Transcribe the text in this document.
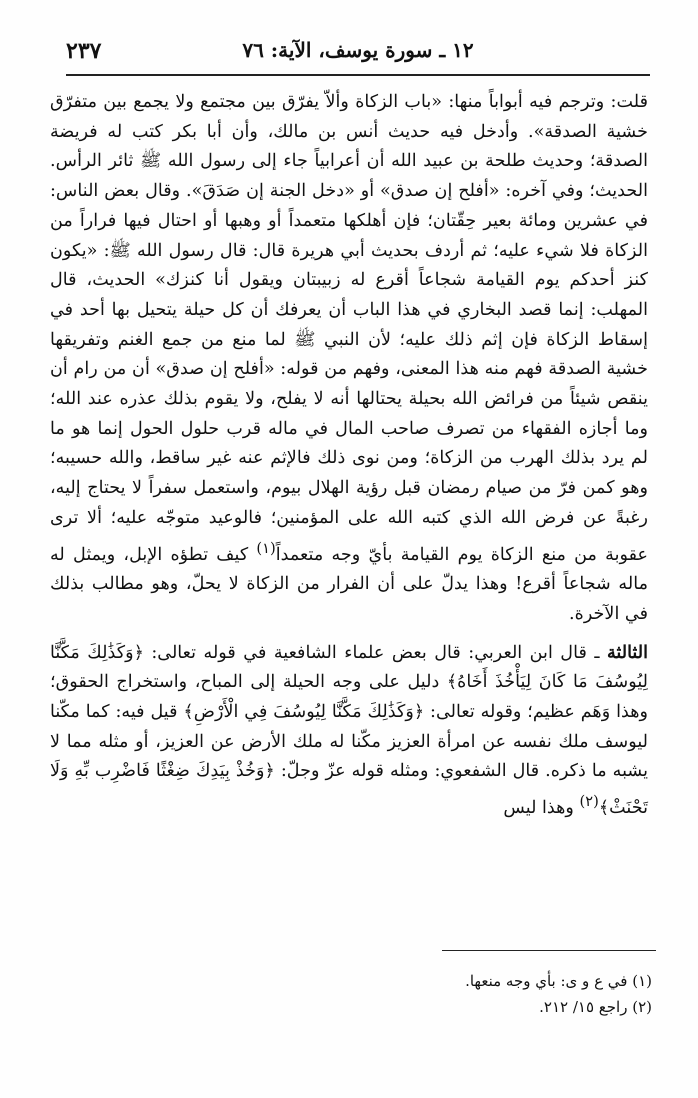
١٢ ـ سورة يوسف، الآية: ٧٦
٢٣٧

قلت: وترجم فيه أبواباً منها: «باب الزكاة وألاّ يفرّق بين مجتمع ولا يجمع بين متفرّق خشية الصدقة». وأدخل فيه حديث أنس بن مالك، وأن أبا بكر كتب له فريضة الصدقة؛ وحديث طلحة بن عبيد الله أن أعرابياً جاء إلى رسول الله ﷺ ثائر الرأس. الحديث؛ وفي آخره: «أفلح إن صدق» أو «دخل الجنة إن صَدَقَ». وقال بعض الناس: في عشرين ومائة بعير حِقّتان؛ فإن أهلكها متعمداً أو وهبها أو احتال فيها فراراً من الزكاة فلا شيء عليه؛ ثم أردف بحديث أبي هريرة قال: قال رسول الله ﷺ: «يكون كنز أحدكم يوم القيامة شجاعاً أقرع له زبيبتان ويقول أنا كنزك» الحديث، قال المهلب: إنما قصد البخاري في هذا الباب أن يعرفك أن كل حيلة يتحيل بها أحد في إسقاط الزكاة فإن إثم ذلك عليه؛ لأن النبي ﷺ لما منع من جمع الغنم وتفريقها خشية الصدقة فهم منه هذا المعنى، وفهم من قوله: «أفلح إن صدق» أن من رام أن ينقص شيئاً من فرائض الله بحيلة يحتالها أنه لا يفلح، ولا يقوم بذلك عذره عند الله؛ وما أجازه الفقهاء من تصرف صاحب المال في ماله قرب حلول الحول إنما هو ما لم يرد بذلك الهرب من الزكاة؛ ومن نوى ذلك فالإثم عنه غير ساقط، والله حسيبه؛ وهو كمن فرّ من صيام رمضان قبل رؤية الهلال بيوم، واستعمل سفراً لا يحتاج إليه، رغبةً عن فرض الله الذي كتبه الله على المؤمنين؛ فالوعيد متوجّه عليه؛ ألا ترى عقوبة من منع الزكاة يوم القيامة بأيّ وجه متعمداً$^{(١)}$ كيف تطؤه الإبل، ويمثل له ماله شجاعاً أقرع! وهذا يدلّ على أن الفرار من الزكاة لا يحلّ، وهو مطالب بذلك في الآخرة.

الثالثة ـ قال ابن العربي: قال بعض علماء الشافعية في قوله تعالى: ﴿وَكَذَٰلِكَ مَكَّنَّا لِيُوسُفَ مَا كَانَ لِيَأْخُذَ أَخَاهُ﴾ دليل على وجه الحيلة إلى المباح، واستخراج الحقوق؛ وهذا وَهَم عظيم؛ وقوله تعالى: ﴿وَكَذَٰلِكَ مَكَّنَّا لِيُوسُفَ فِي الْأَرْضِ﴾ قيل فيه: كما مكّنا ليوسف ملك نفسه عن امرأة العزيز مكّنا له ملك الأرض عن العزيز، أو مثله مما لا يشبه ما ذكره. قال الشفعوي: ومثله قوله عزّ وجلّ: ﴿وَخُذْ بِيَدِكَ ضِغْثًا فَاضْرِب بِّهِ وَلَا تَحْنَثْ﴾$^{(٢)}$ وهذا ليس

(١) في ع و ى: بأي وجه منعها.
(٢) راجع ١٥/ ٢١٢.
